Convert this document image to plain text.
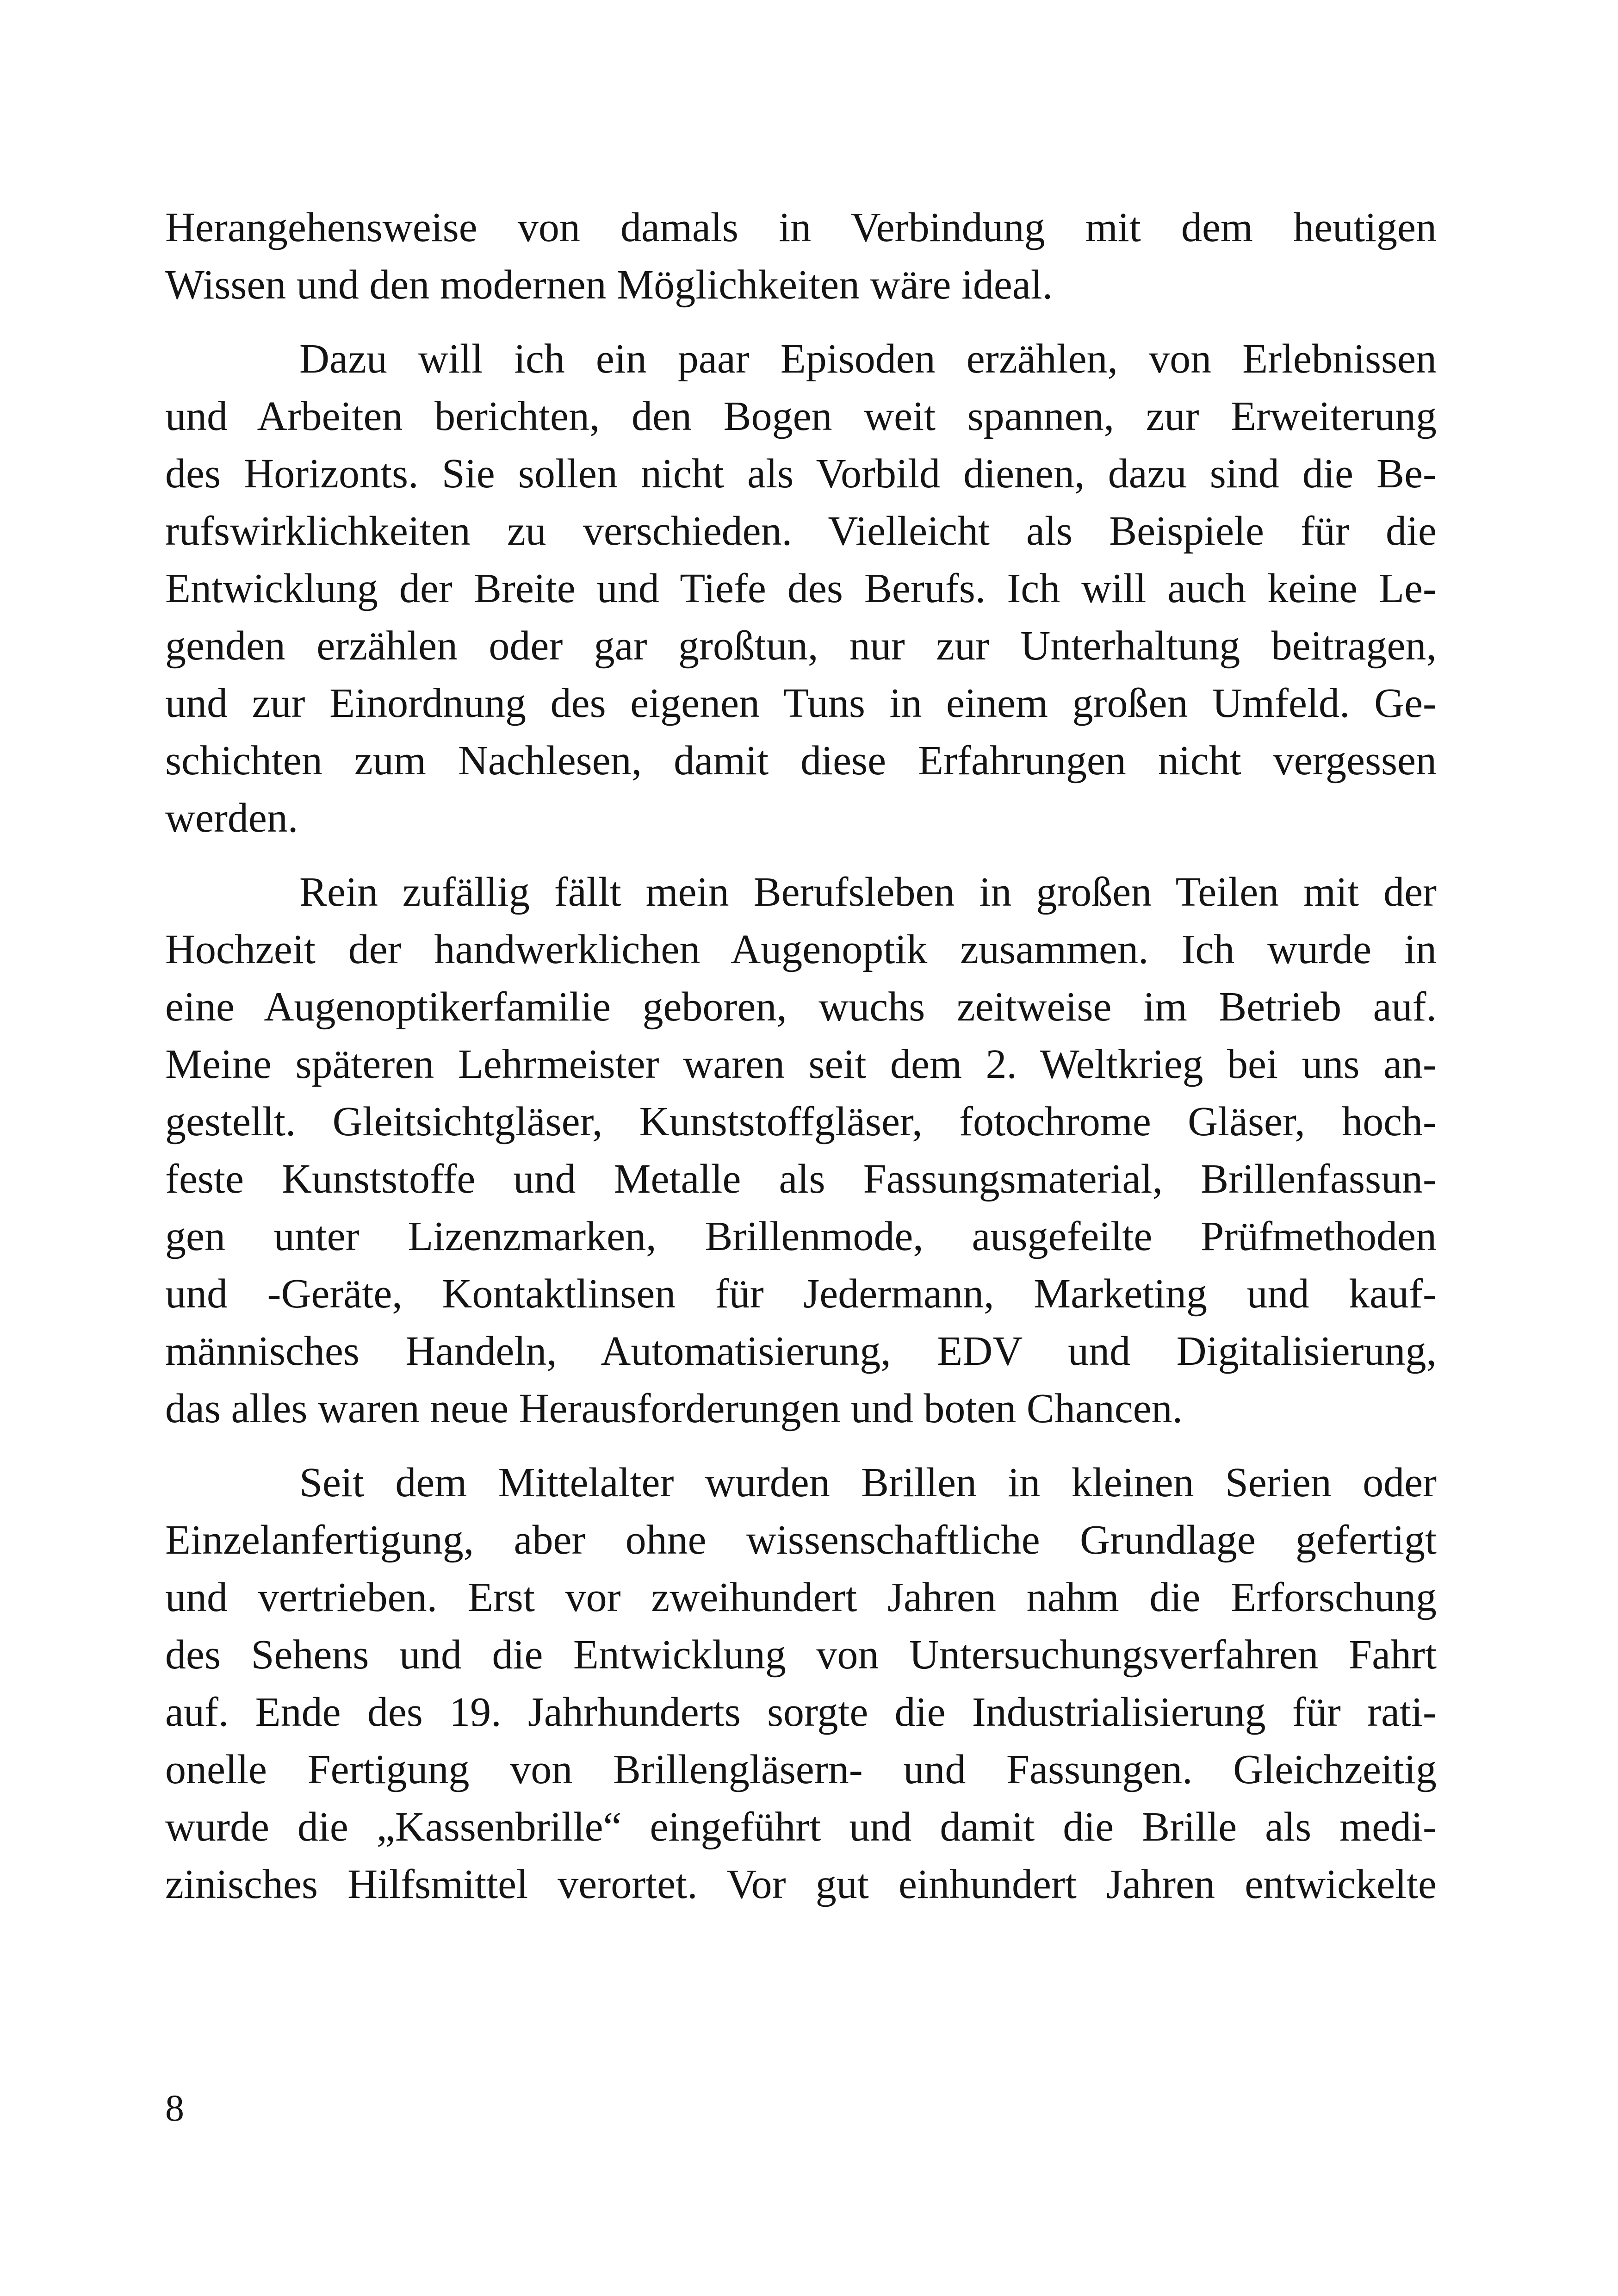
Herangehensweise von damals in Verbindung mit dem heutigen
Wissen und den modernen Möglichkeiten wäre ideal.
Dazu will ich ein paar Episoden erzählen, von Erlebnissen
und Arbeiten berichten, den Bogen weit spannen, zur Erweiterung
des Horizonts. Sie sollen nicht als Vorbild dienen, dazu sind die Be-
rufswirklichkeiten zu verschieden. Vielleicht als Beispiele für die
Entwicklung der Breite und Tiefe des Berufs. Ich will auch keine Le-
genden erzählen oder gar großtun, nur zur Unterhaltung beitragen,
und zur Einordnung des eigenen Tuns in einem großen Umfeld. Ge-
schichten zum Nachlesen, damit diese Erfahrungen nicht vergessen
werden.
Rein zufällig fällt mein Berufsleben in großen Teilen mit der
Hochzeit der handwerklichen Augenoptik zusammen. Ich wurde in
eine Augenoptikerfamilie geboren, wuchs zeitweise im Betrieb auf.
Meine späteren Lehrmeister waren seit dem 2. Weltkrieg bei uns an-
gestellt. Gleitsichtgläser, Kunststoffgläser, fotochrome Gläser, hoch-
feste Kunststoffe und Metalle als Fassungsmaterial, Brillenfassun-
gen unter Lizenzmarken, Brillenmode, ausgefeilte Prüfmethoden
und -Geräte, Kontaktlinsen für Jedermann, Marketing und kauf-
männisches Handeln, Automatisierung, EDV und Digitalisierung,
das alles waren neue Herausforderungen und boten Chancen.
Seit dem Mittelalter wurden Brillen in kleinen Serien oder
Einzelanfertigung, aber ohne wissenschaftliche Grundlage gefertigt
und vertrieben. Erst vor zweihundert Jahren nahm die Erforschung
des Sehens und die Entwicklung von Untersuchungsverfahren Fahrt
auf. Ende des 19. Jahrhunderts sorgte die Industrialisierung für rati-
onelle Fertigung von Brillengläsern- und Fassungen. Gleichzeitig
wurde die „Kassenbrille“ eingeführt und damit die Brille als medi-
zinisches Hilfsmittel verortet. Vor gut einhundert Jahren entwickelte
8
